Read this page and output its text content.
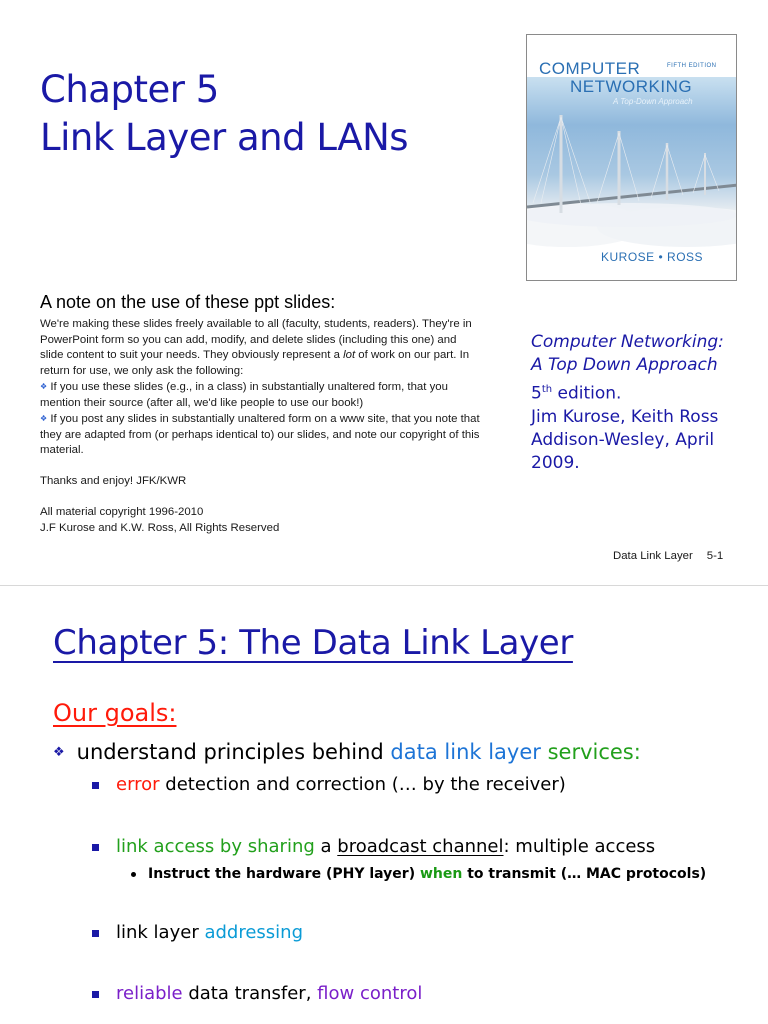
Chapter 5
Link Layer and LANs
COMPUTER	FIFTH EDITION
NETWORKING
A Top-Down Approach
KUROSE • ROSS
A note on the use of these ppt slides:

We're making these slides freely available to all (faculty, students, readers). They're in PowerPoint form so you can add, modify, and delete slides (including this one) and slide content to suit your needs. They obviously represent a lot of work on our part. In return for use, we only ask the following:

❖ If you use these slides (e.g., in a class) in substantially unaltered form, that you mention their source (after all, we'd like people to use our book!)

❖ If you post any slides in substantially unaltered form on a www site, that you note that they are adapted from (or perhaps identical to) our slides, and note our copyright of this material.

Thanks and enjoy! JFK/KWR

All material copyright 1996-2010

J.F Kurose and K.W. Ross, All Rights Reserved

Computer Networking:
A Top Down Approach
5th edition.
Jim Kurose, Keith Ross
Addison-Wesley, April
2009.
Data Link Layer 5-1
Chapter 5: The Data Link Layer
Our goals:
❖ understand principles behind data link layer services:
error detection and correction (… by the receiver)
link access by sharing a broadcast channel: multiple access
Instruct the hardware (PHY layer) when to transmit (… MAC protocols)
link layer addressing
reliable data transfer, flow control
